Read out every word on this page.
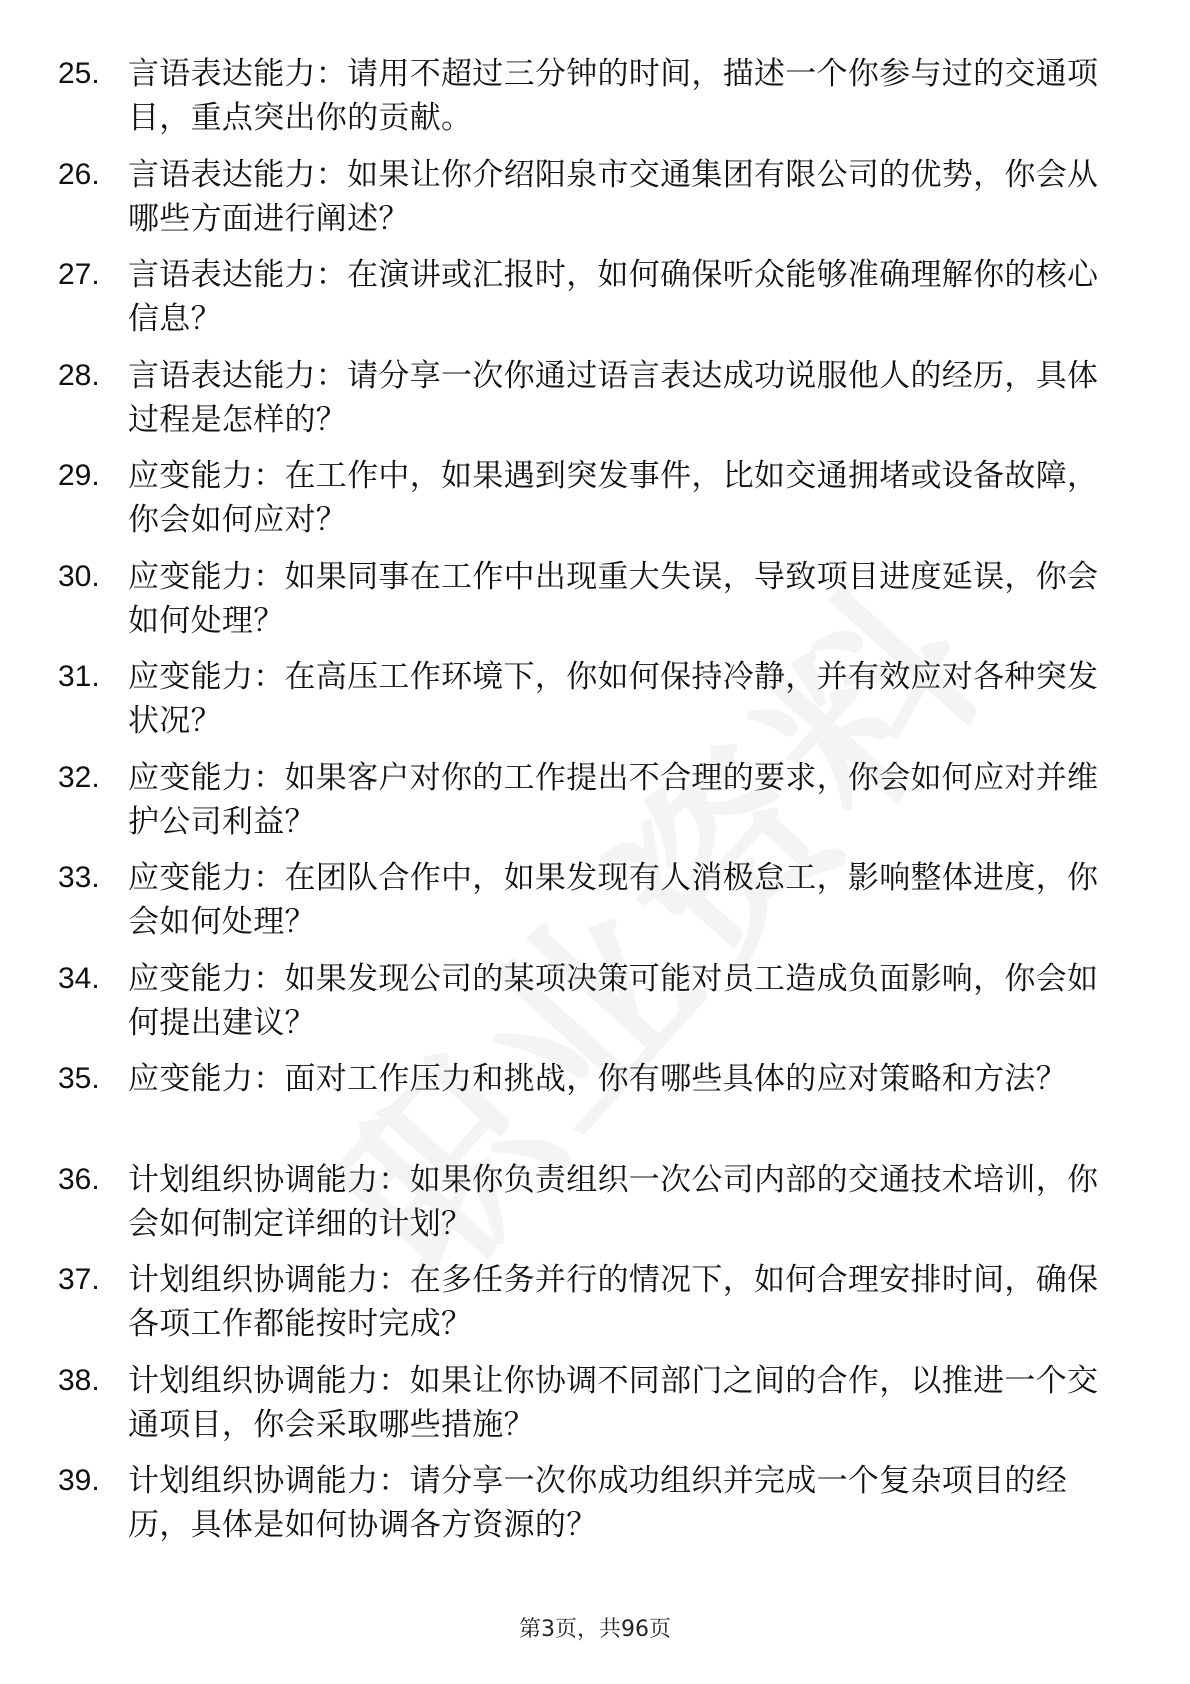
25. 言语表达能力：请用不超过三分钟的时间，描述一个你参与过的交通项目，重点突出你的贡献。
26. 言语表达能力：如果让你介绍阳泉市交通集团有限公司的优势，你会从哪些方面进行阐述？
27. 言语表达能力：在演讲或汇报时，如何确保听众能够准确理解你的核心信息？
28. 言语表达能力：请分享一次你通过语言表达成功说服他人的经历，具体过程是怎样的？
29. 应变能力：在工作中，如果遇到突发事件，比如交通拥堵或设备故障，你会如何应对？
30. 应变能力：如果同事在工作中出现重大失误，导致项目进度延误，你会如何处理？
31. 应变能力：在高压工作环境下，你如何保持冷静，并有效应对各种突发状况？
32. 应变能力：如果客户对你的工作提出不合理的要求，你会如何应对并维护公司利益？
33. 应变能力：在团队合作中，如果发现有人消极怠工，影响整体进度，你会如何处理？
34. 应变能力：如果发现公司的某项决策可能对员工造成负面影响，你会如何提出建议？
35. 应变能力：面对工作压力和挑战，你有哪些具体的应对策略和方法？
36. 计划组织协调能力：如果你负责组织一次公司内部的交通技术培训，你会如何制定详细的计划？
37. 计划组织协调能力：在多任务并行的情况下，如何合理安排时间，确保各项工作都能按时完成？
38. 计划组织协调能力：如果让你协调不同部门之间的合作，以推进一个交通项目，你会采取哪些措施？
39. 计划组织协调能力：请分享一次你成功组织并完成一个复杂项目的经历，具体是如何协调各方资源的？
第3页，共96页
